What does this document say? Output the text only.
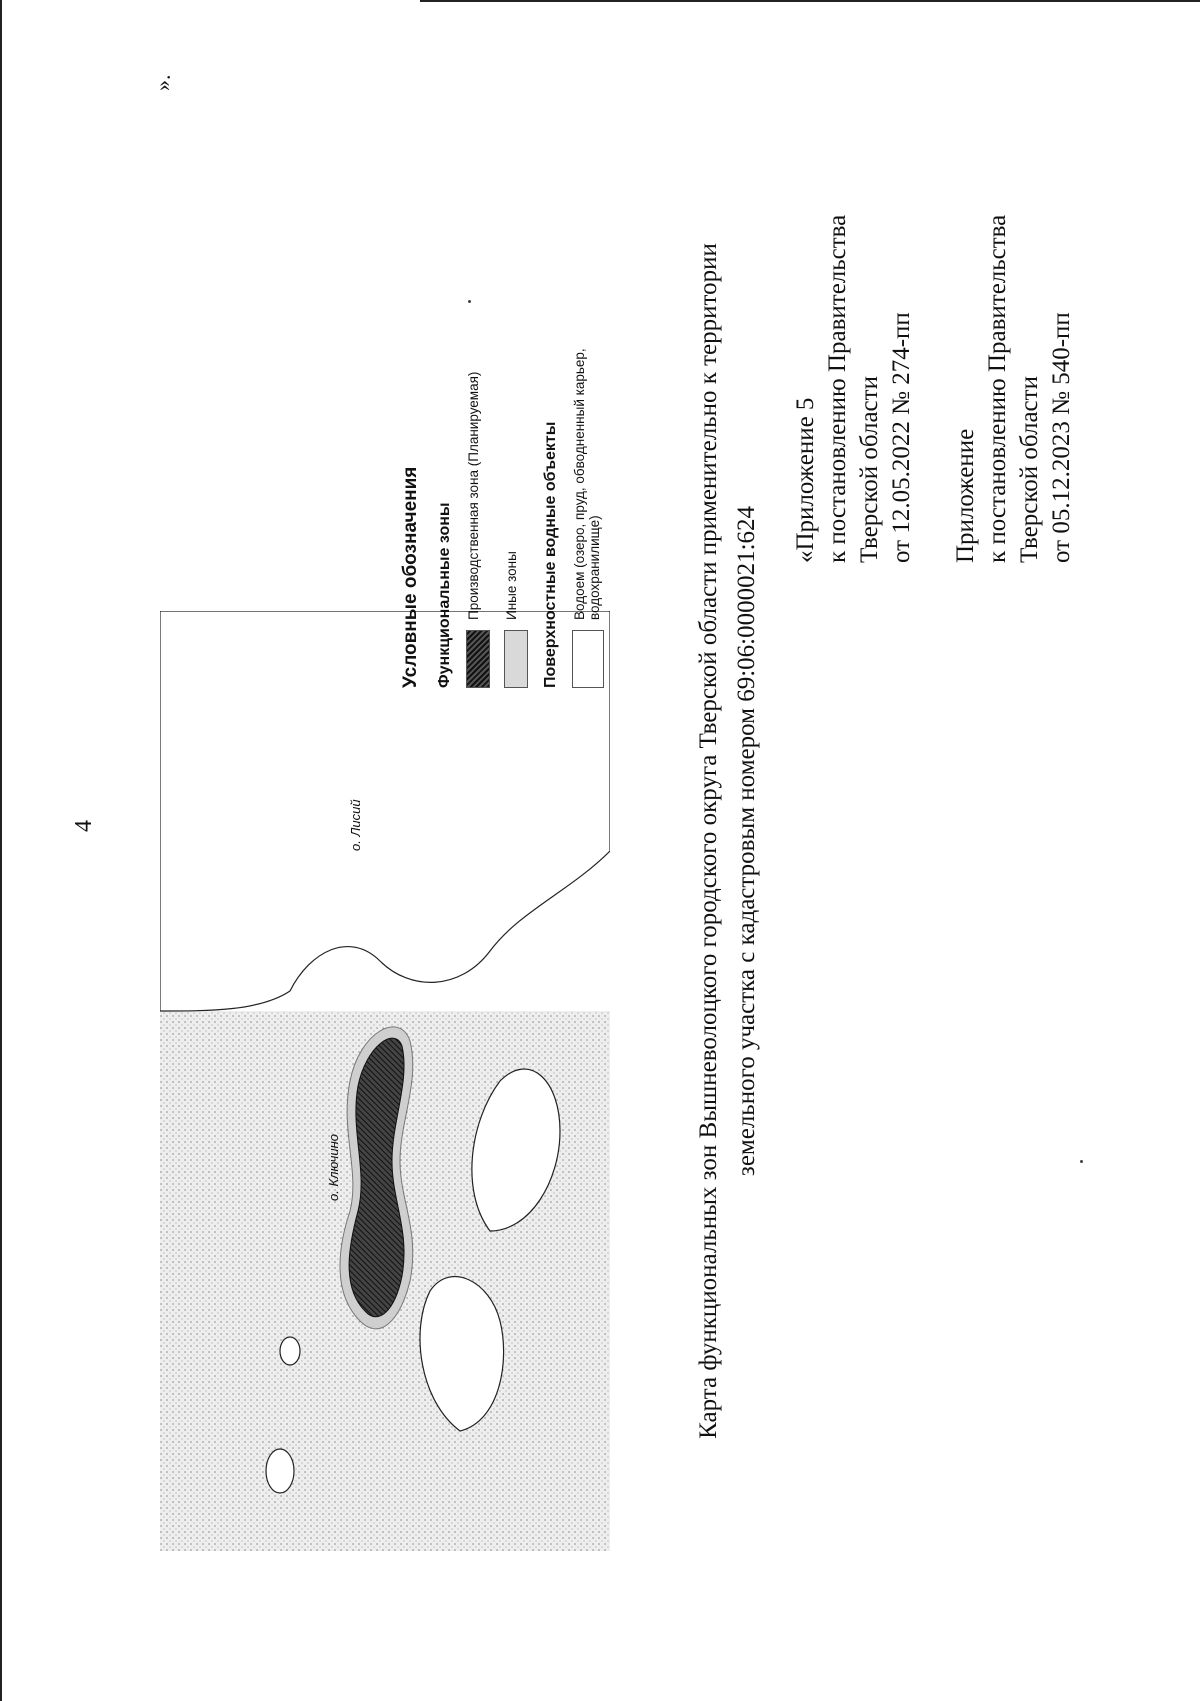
Приложение к постановлению Правительства Тверской области от 05.12.2023 № 540-пп
«Приложение 5 к постановлению Правительства Тверской области от 12.05.2022 № 274-пп
Карта функциональных зон Вышневолоцкого городского округа Тверской области применительно к территории земельного участка с кадастровым номером 69:06:0000021:624
о. Ключино
о. Лисий
Условные обозначения Функциональные зоны Производственная зона (Планируемая) Иные зоны Поверхностные водные объекты Водоем (озеро, пруд, обводненный карьер, водохранилище)
».
4
